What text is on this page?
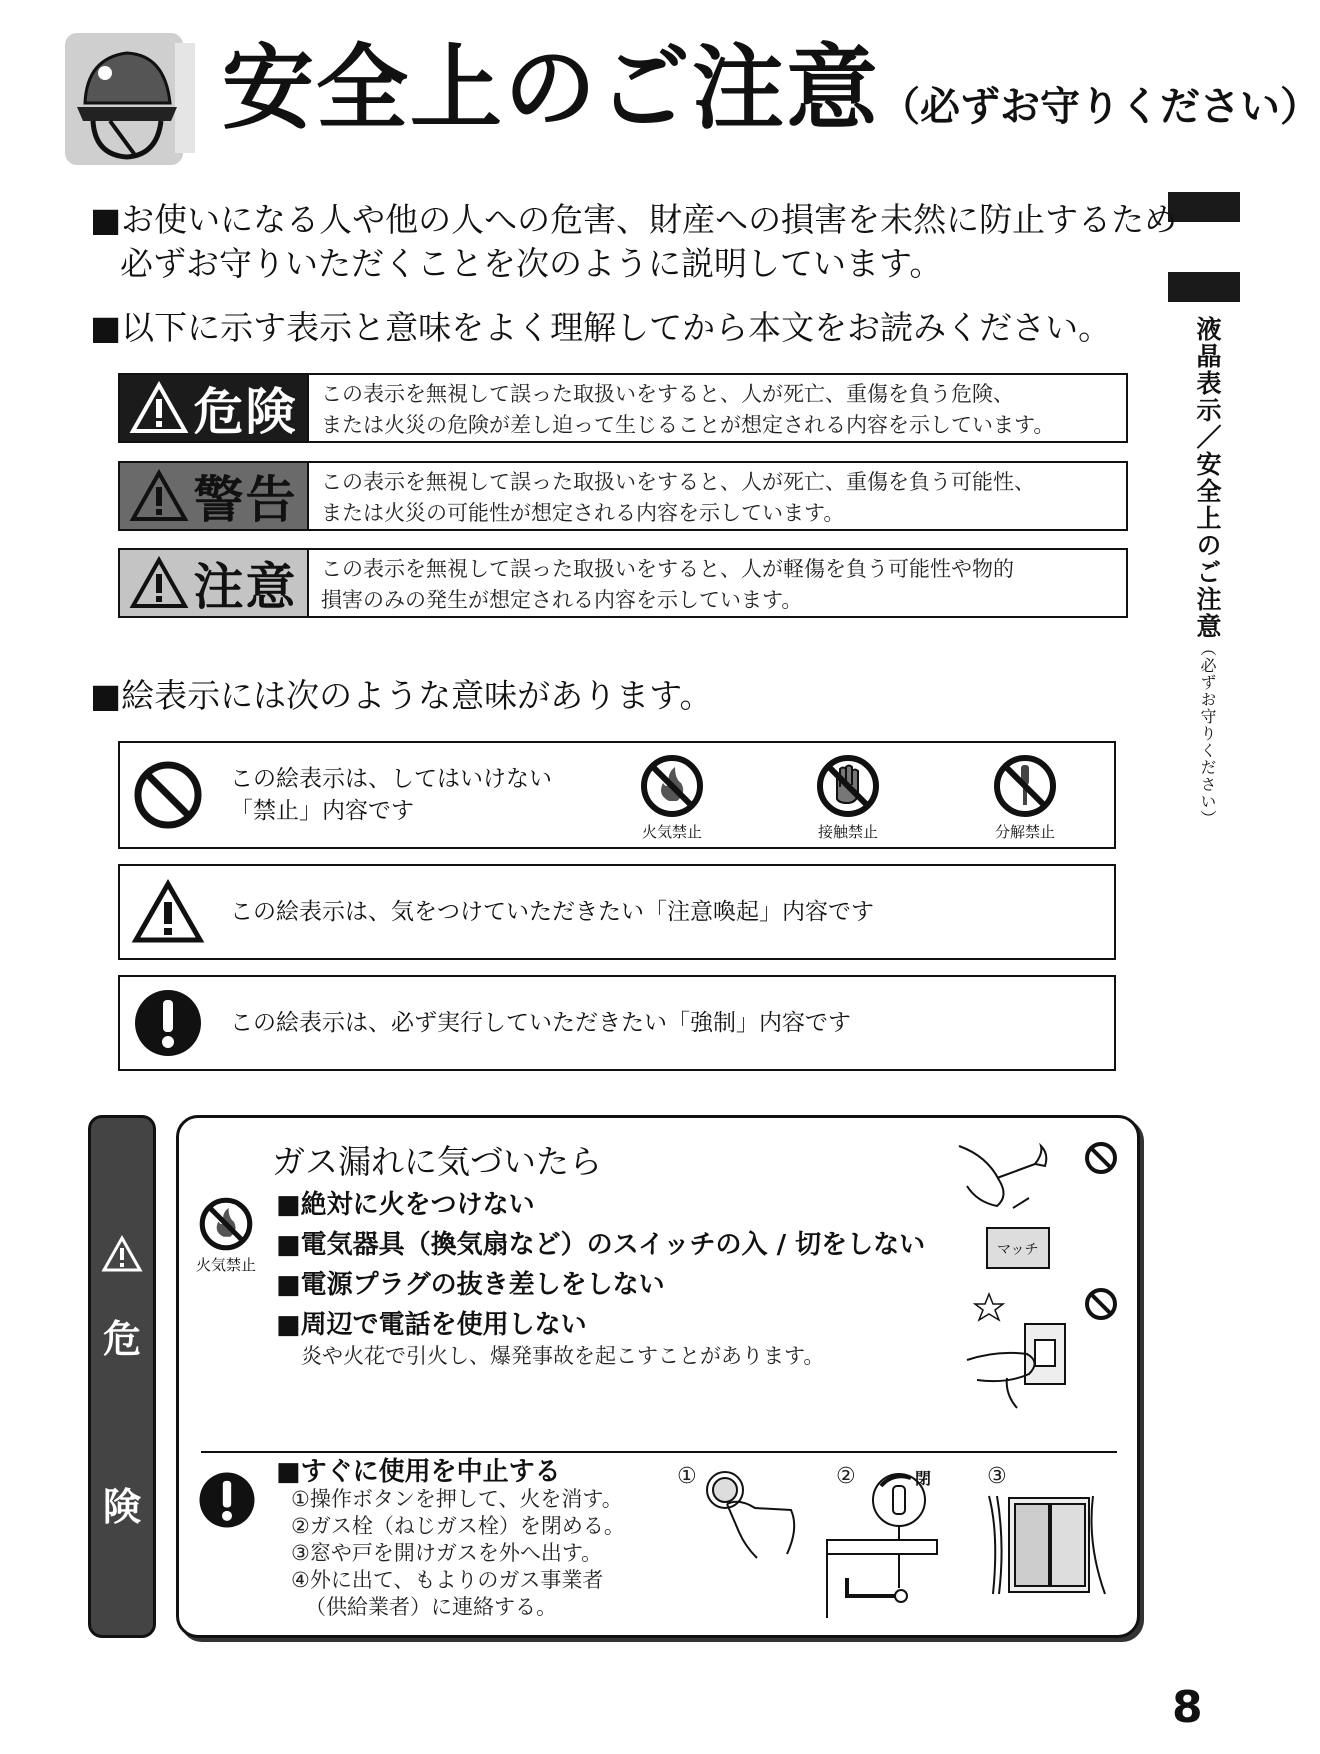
安全上のご注意（必ずお守りください）
液晶表示／安全上のご注意（必ずお守りください）
8
■お使いになる人や他の人への危害、財産への損害を未然に防止するため
必ずお守りいただくことを次のように説明しています。
■以下に示す表示と意味をよく理解してから本文をお読みください。
危険 この表示を無視して誤った取扱いをすると、人が死亡、重傷を負う危険、
または火災の危険が差し迫って生じることが想定される内容を示しています。
警告 この表示を無視して誤った取扱いをすると、人が死亡、重傷を負う可能性、
または火災の可能性が想定される内容を示しています。
注意 この表示を無視して誤った取扱いをすると、人が軽傷を負う可能性や物的
損害のみの発生が想定される内容を示しています。
■絵表示には次のような意味があります。
この絵表示は、してはいけない
「禁止」内容です
火気禁止	接触禁止	分解禁止
この絵表示は、気をつけていただきたい「注意喚起」内容です
この絵表示は、必ず実行していただきたい「強制」内容です
危
険
ガス漏れに気づいたら
火気禁止
■絶対に火をつけない
■電気器具（換気扇など）のスイッチの入 / 切をしない
■電源プラグの抜き差しをしない
■周辺で電話を使用しない
炎や火花で引火し、爆発事故を起こすことがあります。
マッチ
■すぐに使用を中止する
①操作ボタンを押して、火を消す。
②ガス栓（ねじガス栓）を閉める。
③窓や戸を開けガスを外へ出す。
④外に出て、もよりのガス事業者
（供給業者）に連絡する。
①	②	閉	③
